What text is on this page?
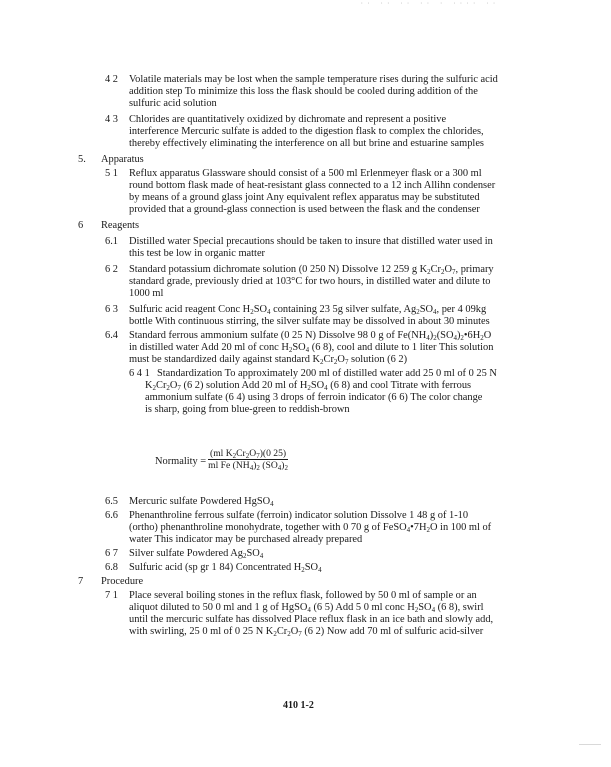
·· ·· ·· ·· · ···· ··
4 2 Volatile materials may be lost when the sample temperature rises during the sulfuric acid
addition step To minimize this loss the flask should be cooled during addition of the
sulfuric acid solution
4 3 Chlorides are quantitatively oxidized by dichromate and represent a positive
interference Mercuric sulfate is added to the digestion flask to complex the chlorides,
thereby effectively eliminating the interference on all but brine and estuarine samples
5. Apparatus
5 1 Reflux apparatus Glassware should consist of a 500 ml Erlenmeyer flask or a 300 ml
round bottom flask made of heat-resistant glass connected to a 12 inch Allihn condenser
by means of a ground glass joint Any equivalent reflex apparatus may be substituted
provided that a ground-glass connection is used between the flask and the condenser
6 Reagents
6.1 Distilled water Special precautions should be taken to insure that distilled water used in
this test be low in organic matter
6 2 Standard potassium dichromate solution (0 250 N) Dissolve 12 259 g $K_2Cr_2O_7$, primary
standard grade, previously dried at 103°C for two hours, in distilled water and dilute to
1000 ml
6 3 Sulfuric acid reagent Conc $H_2SO_4$ containing 23 5g silver sulfate, $Ag_2SO_4$, per 4 09kg
bottle With continuous stirring, the silver sulfate may be dissolved in about 30 minutes
6.4 Standard ferrous ammonium sulfate (0 25 N) Dissolve 98 0 g of $Fe(NH_4)_2(SO_4)_2•6H_2O$
in distilled water Add 20 ml of conc $H_2SO_4$ (6 8), cool and dilute to 1 liter This solution
must be standardized daily against standard $K_2Cr_2O_7$ solution (6 2)
6 4 1 Standardization To approximately 200 ml of distilled water add 25 0 ml of 0 25 N
$K_2Cr_2O_7$ (6 2) solution Add 20 ml of $H_2SO_4$ (6 8) and cool Titrate with ferrous
ammonium sulfate (6 4) using 3 drops of ferroin indicator (6 6) The color change
is sharp, going from blue-green to reddish-brown
Normality = $\frac{(ml K_2Cr_2O_7)(0 25)}{ml Fe (NH_4)_2 (SO_4)_2}$
6.5 Mercuric sulfate Powdered HgSO$_4$
6.6 Phenanthroline ferrous sulfate (ferroin) indicator solution Dissolve 1 48 g of 1-10
(ortho) phenanthroline monohydrate, together with 0 70 g of $FeSO_4•7H_2O$ in 100 ml of
water This indicator may be purchased already prepared
6 7 Silver sulfate Powdered $Ag_2SO_4$
6.8 Sulfuric acid (sp gr 1 84) Concentrated $H_2SO_4$
7 Procedure
7 1 Place several boiling stones in the reflux flask, followed by 50 0 ml of sample or an
aliquot diluted to 50 0 ml and 1 g of HgSO$_4$ (6 5) Add 5 0 ml conc $H_2SO_4$ (6 8), swirl
until the mercuric sulfate has dissolved Place reflux flask in an ice bath and slowly add,
with swirling, 25 0 ml of 0 25 N $K_2Cr_2O_7$ (6 2) Now add 70 ml of sulfuric acid-silver
410 1-2
